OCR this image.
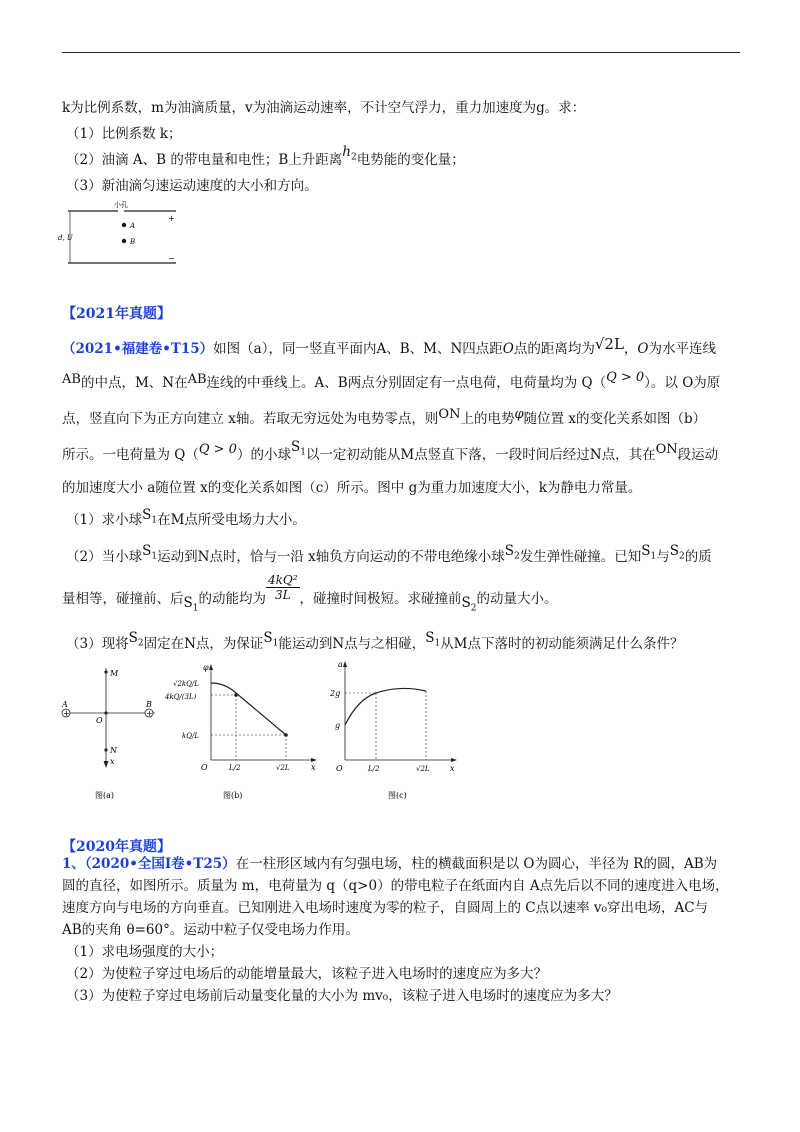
k为比例系数，m为油滴质量，v为油滴运动速率，不计空气浮力，重力加速度为g。求：
（1）比例系数 k；
（2）油滴 A、B 的带电量和电性；B上升距离$h_2$电势能的变化量；
（3）新油滴匀速运动速度的大小和方向。
小孔
+
−
d, U
A
B
【2021年真题】
（2021•福建卷•T15）如图（a），同一竖直平面内A、B、M、N四点距O点的距离均为√2L，O为水平连线
AB的中点，M、N在AB连线的中垂线上。A、B两点分别固定有一点电荷，电荷量均为 Q（Q > 0）。以 O为原
点，竖直向下为正方向建立 x轴。若取无穷远处为电势零点，则ON上的电势φ随位置 x的变化关系如图（b）
所示。一电荷量为 Q（Q > 0）的小球$S_1$以一定初动能从M点竖直下落，一段时间后经过N点，其在ON段运动
的加速度大小 a随位置 x的变化关系如图（c）所示。图中 g为重力加速度大小，k为静电力常量。
（1）求小球$S_1$在M点所受电场力大小。
（2）当小球$S_1$运动到N点时，恰与一沿 x轴负方向运动的不带电绝缘小球$S_2$发生弹性碰撞。已知$S_1$与$S_2$的质
量相等，碰撞前、后$S_1$的动能均为 $\frac{\text{4kQ²}}{3L}$ ，碰撞时间极短。求碰撞前$S_2$的动量大小。
（3）现将$S_2$固定在N点，为保证$S_1$能运动到N点与之相碰，$S_1$从M点下落时的初动能须满足什么条件？
M
N
x
O
A
+
B
+
图(a)
φ
√2kQ/L
4kQ/(3L)
kQ/L
O	L/2	√2L	x
图(b)
a
2g
g
O	L/2	√2L	x
图(c)
【2020年真题】
1、（2020•全国Ⅰ卷•T25）在一柱形区域内有匀强电场，柱的横截面积是以 O为圆心，半径为 R的圆，AB为
圆的直径，如图所示。质量为 m，电荷量为 q（q>0）的带电粒子在纸面内自 A点先后以不同的速度进入电场，
速度方向与电场的方向垂直。已知刚进入电场时速度为零的粒子，自圆周上的 C点以速率 v₀穿出电场，AC与
AB的夹角 θ=60°。运动中粒子仅受电场力作用。
（1）求电场强度的大小；
（2）为使粒子穿过电场后的动能增量最大，该粒子进入电场时的速度应为多大？
（3）为使粒子穿过电场前后动量变化量的大小为 mv₀，该粒子进入电场时的速度应为多大？
